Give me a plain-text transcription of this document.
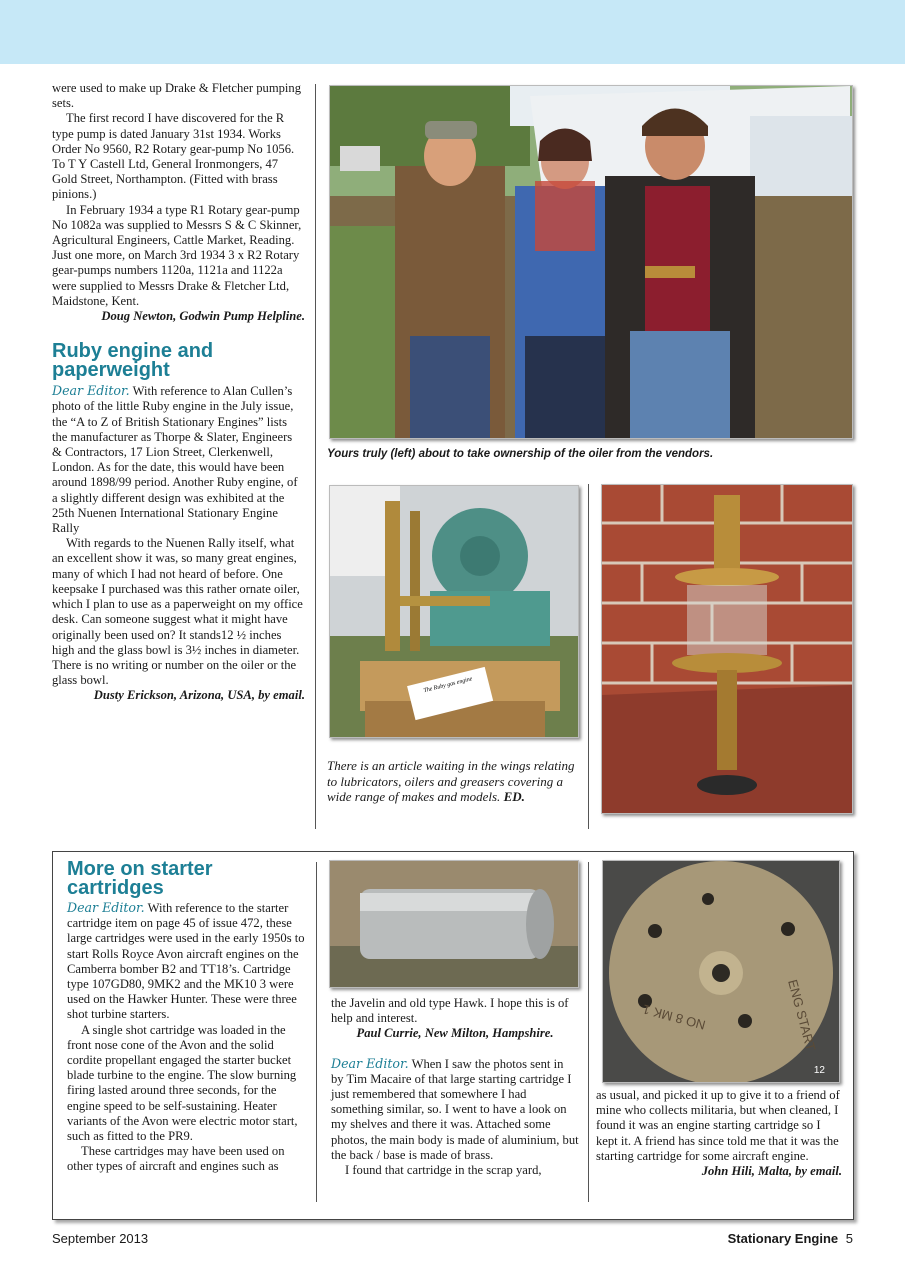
were used to make up Drake & Fletcher pumping sets.

The first record I have discovered for the R type pump is dated January 31st 1934. Works Order No 9560, R2 Rotary gear-pump No 1056. To T Y Castell Ltd, General Ironmongers, 47 Gold Street, Northampton. (Fitted with brass pinions.)

In February 1934 a type R1 Rotary gear-pump No 1082a was supplied to Messrs S & C Skinner, Agricultural Engineers, Cattle Market, Reading. Just one more, on March 3rd 1934 3 x R2 Rotary gear-pumps numbers 1120a, 1121a and 1122a were supplied to Messrs Drake & Fletcher Ltd, Maidstone, Kent.

Doug Newton, Godwin Pump Helpline.

Ruby engine and paperweight

Dear Editor. With reference to Alan Cullen’s photo of the little Ruby engine in the July issue, the “A to Z of British Stationary Engines” lists the manufacturer as Thorpe & Slater, Engineers & Contractors, 17 Lion Street, Clerkenwell, London. As for the date, this would have been around 1898/99 period. Another Ruby engine, of a slightly different design was exhibited at the 25th Nuenen International Stationary Engine Rally

With regards to the Nuenen Rally itself, what an excellent show it was, so many great engines, many of which I had not heard of before. One keepsake I purchased was this rather ornate oiler, which I plan to use as a paperweight on my office desk. Can someone suggest what it might have originally been used on? It stands12 ½ inches high and the glass bowl is 3½ inches in diameter. There is no writing or number on the oiler or the glass bowl.

Dusty Erickson, Arizona, USA, by email.

Yours truly (left) about to take ownership of the oiler from the vendors.
The Ruby gas engine
There is an article waiting in the wings relating to lubricators, oilers and greasers covering a wide range of makes and models. ED.
More on starter cartridges

Dear Editor. With reference to the starter cartridge item on page 45 of issue 472, these large cartridges were used in the early 1950s to start Rolls Royce Avon aircraft engines on the Camberra bomber B2 and TT18’s. Cartridge type 107GD80, 9MK2 and the MK10 3 were used on the Hawker Hunter. These were three shot turbine starters.

A single shot cartridge was loaded in the front nose cone of the Avon and the solid cordite propellant engaged the starter bucket blade turbine to the engine. The slow burning firing lasted around three seconds, for the engine speed to be self-sustaining. Heater variants of the Avon were electric motor start, such as fitted to the PR9.

These cartridges may have been used on other types of aircraft and engines such as

the Javelin and old type Hawk. I hope this is of help and interest.

Paul Currie, New Milton, Hampshire.

Dear Editor. When I saw the photos sent in by Tim Macaire of that large starting cartridge I just remembered that somewhere I had something similar, so. I went to have a look on my shelves and there it was. Attached some photos, the main body is made of aluminium, but the back / base is made of brass.

I found that cartridge in the scrap yard,

ENG START
NO 8 MK 1
12

as usual, and picked it up to give it to a friend of mine who collects militaria, but when cleaned, I found it was an engine starting cartridge so I kept it. A friend has since told me that it was the starting cartridge for some aircraft engine.

John Hili, Malta, by email.

September 2013	Stationary Engine 5
